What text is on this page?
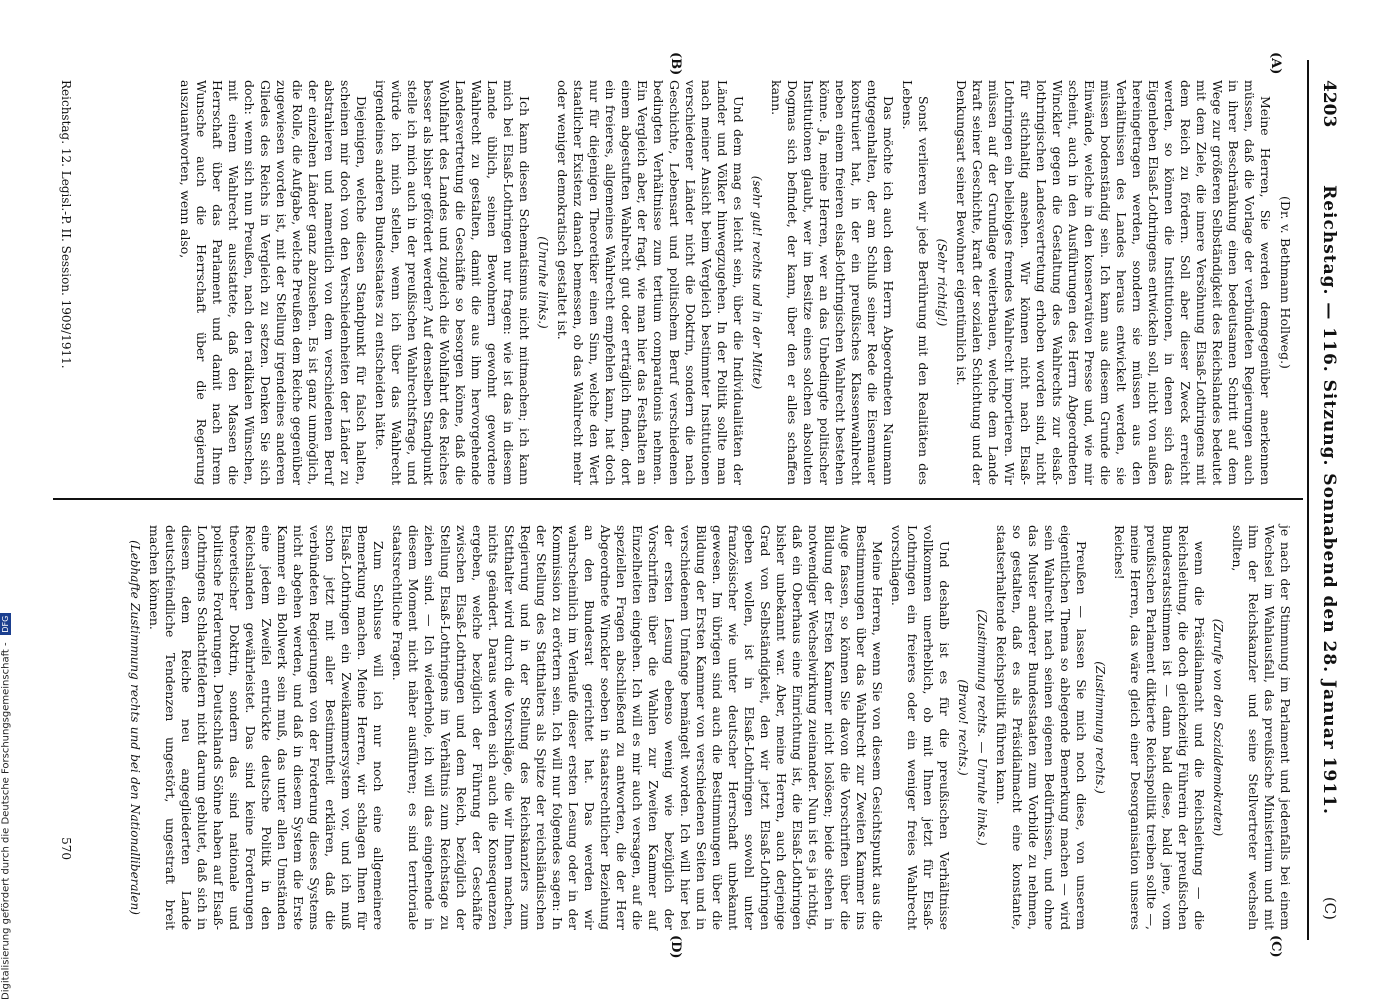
4203
Reichstag. — 116. Sitzung. Sonnabend den 28. Januar 1911.
(C)
(A)
(B)
(C)
(D)
(Dr. v. Bethmann Hollweg.)

Meine Herren, Sie werden demgegenüber anerkennen müssen, daß die Vorlage der verbündeten Regierungen auch in ihrer Beschränkung einen bedeutsamen Schritt auf dem Wege zur größeren Selbständigkeit des Reichslandes bedeutet mit dem Ziele, die innere Versöhnung Elsaß-Lothringens mit dem Reich zu fördern. Soll aber dieser Zweck erreicht werden, so können die Institutionen, in denen sich das Eigenleben Elsaß-Lothringens entwickeln soll, nicht von außen hereingetragen werden, sondern sie müssen aus den Verhältnissen des Landes heraus entwickelt werden, sie müssen bodenständig sein. Ich kann aus diesem Grunde die Einwände, welche in den konservativen Presse und, wie mir scheint, auch in den Ausführungen des Herrn Abgeordneten Winckler gegen die Gestaltung des Wahlrechts zur elsaß-lothringischen Landesvertretung erhoben worden sind, nicht für stichhaltig ansehen. Wir können nicht nach Elsaß-Lothringen ein beliebiges fremdes Wahlrecht importieren. Wir müssen auf der Grundlage weiterbauen, welche dem Lande kraft seiner Geschichte, kraft der sozialen Schichtung und der Denkungsart seiner Bewohner eigentümlich ist.

(Sehr richtig!)

Sonst verlieren wir jede Berührung mit den Realitäten des Lebens.

Das möchte ich auch dem Herrn Abgeordneten Naumann entgegenhalten, der am Schluß seiner Rede die Eisenmauer konstruiert hat, in der ein preußisches Klassenwahlrecht neben einem freieren elsaß-lothringischen Wahlrecht bestehen könne. Ja, meine Herren, wer an das Unbedingte politischer Institutionen glaubt, wer im Besitze eines solchen absoluten Dogmas sich befindet, der kann, über den er alles schaffen kann.

(sehr gut! rechts und in der Mitte)

Und dem mag es leicht sein, über die Individualitäten der Länder und Völker hinwegzugehen. In der Politik sollte man nach meiner Ansicht beim Vergleich bestimmter Institutionen verschiedener Länder nicht die Doktrin, sondern die nach Geschichte, Lebensart und politischem Beruf verschiedenen bedingten Verhältnisse zum tertium comparationis nehmen. Ein Vergleich aber, der fragt, wie man hier das Festhalten an einem abgestuften Wahlrecht gut oder erträglich finden, dort ein freieres, allgemeines Wahlrecht empfehlen kann, hat doch nur für diejenigen Theoretiker einen Sinn, welche den Wert staatlicher Existenz danach bemessen, ob das Wahlrecht mehr oder weniger demokratisch gestaltet ist.

(Unruhe links.)

Ich kann diesen Schematismus nicht mitmachen; ich kann mich bei Elsaß-Lothringen nur fragen: wie ist das in diesem Lande üblich, seinen Bewohnern gewohnt gewordene Wahlrecht zu gestalten, damit die aus ihm hervorgehende Landesvertretung die Geschäfte so besorgen könne, daß die Wohlfahrt des Landes und zugleich die Wohlfahrt des Reiches besser als bisher gefördert werden? Auf denselben Standpunkt stelle ich mich auch in der preußischen Wahlrechtsfrage, und würde ich mich stellen, wenn ich über das Wahlrecht irgendeines anderen Bundesstaates zu entscheiden hätte.

Diejenigen, welche diesen Standpunkt für falsch halten, scheinen mir doch von den Verschiedenheiten der Länder zu abstrahieren und namentlich von dem verschiedenen Beruf der einzelnen Länder ganz abzusehen. Es ist ganz unmöglich, die Rolle, die Aufgabe, welche Preußen dem Reiche gegenüber zugewiesen worden ist, mit der Stellung irgendeines anderen Gliedes des Reichs in Vergleich zu setzen. Denken Sie sich doch: wenn sich nun Preußen, nach den radikalen Wünschen, mit einem Wahlrecht ausstattete, daß den Massen die Herrschaft über das Parlament und damit nach Ihrem Wunsche auch die Herrschaft über die Regierung auszuantworten, wenn also,

je nach der Stimmung im Parlament und jedenfalls bei einem Wechsel im Wahlausfall, das preußische Ministerium und mit ihm der Reichskanzler und seine Stellvertreter wechseln sollten,

(Zurufe von den Sozialdemokraten)

wenn die Präsidialmacht und die Reichsleitung — die Reichsleitung, die doch gleichzeitig Führerin der preußischen Bundesratsstimmen ist — dann bald diese, bald jene, vom preußischen Parlament diktierte Reichspolitik treiben sollte —, meine Herren, das wäre gleich einer Desorganisation unseres Reiches!

(Zustimmung rechts.)

Preußen — lassen Sie mich noch diese, von unserem eigentlichen Thema so ablegende Bemerkung machen — wird sein Wahlrecht nach seinen eigenen Bedürfnissen, und ohne das Muster anderer Bundesstaaten zum Vorbilde zu nehmen, so gestalten, daß es als Präsidialmacht eine konstante, staatserhaltende Reichspolitik führen kann.

(Zustimmung rechts. — Unruhe links.)

(Bravo! rechts.)

Und deshalb ist es für die preußischen Verhältnisse vollkommen unerheblich, ob mit Ihnen jetzt für Elsaß-Lothringen ein freieres oder ein weniger freies Wahlrecht vorschlagen.

Meine Herren, wenn Sie von diesem Gesichtspunkt aus die Bestimmungen über das Wahlrecht zur Zweiten Kammer ins Auge fassen, so können Sie davon die Vorschriften über die Bildung der Ersten Kammer nicht loslösen; beide stehen in notwendiger Wechselwirkung zueinander. Nun ist es ja richtig, daß ein Oberhaus eine Einrichtung ist, die Elsaß-Lothringen bisher unbekannt war. Aber, meine Herren, auch derjenige Grad von Selbständigkeit, den wir jetzt Elsaß-Lothringen geben wollen, ist in Elsaß-Lothringen sowohl unter französischer wie unter deutscher Herrschaft unbekannt gewesen. Im übrigen sind auch die Bestimmungen über die Bildung der Ersten Kammer von verschiedenen Seiten und in verschiedenem Umfange bemängelt worden. Ich will hier bei der ersten Lesung ebenso wenig wie bezüglich der Vorschriften über die Wahlen zur Zweiten Kammer auf Einzelheiten eingehen. Ich will es mir auch versagen, auf die speziellen Fragen abschließend zu antworten, die der Herr Abgeordnete Winckler soeben in staatsrechtlicher Beziehung an den Bundesrat gerichtet hat. Das werden wir wahrscheinlich im Verlaufe dieser ersten Lesung oder in der Kommission zu erörtern sein. Ich will nur folgendes sagen: In der Stellung des Statthalters als Spitze der reichsländischen Regierung und in der Stellung des Reichskanzlers zum Statthalter wird durch die Vorschläge, die wir Ihnen machen, nichts geändert. Daraus werden sich auch die Konsequenzen ergeben, welche bezüglich der Führung der Geschäfte zwischen Elsaß-Lothringen und dem Reich, bezüglich der Stellung Elsaß-Lothringens im Verhältnis zum Reichstage zu ziehen sind. — Ich wiederhole, ich will das eingehende in diesem Moment nicht näher ausführen; es sind territoriale staatsrechtliche Fragen.

Zum Schlusse will ich nur noch eine allgemeinere Bemerkung machen. Meine Herren, wir schlagen Ihnen für Elsaß-Lothringen ein Zweikammersystem vor, und ich muß schon jetzt mit aller Bestimmtheit erklären, daß die verbündeten Regierungen von der Forderung dieses Systems nicht abgehen werden, und daß in diesem System die Erste Kammer ein Bollwerk sein muß, das unter allen Umständen eine jedem Zweifel entrückte deutsche Politik in den Reichslanden gewährleistet. Das sind keine Forderungen theoretischer Doktrin, sondern das sind nationale und politische Forderungen. Deutschlands Söhne haben auf Elsaß-Lothringens Schlachtfeldern nicht darum geblutet, daß sich in diesem dem Reiche neu angegliederten Lande deutschfeindliche Tendenzen ungestört, ungestraft breit machen können.

(Lebhafte Zustimmung rechts und bei den Nationalliberalen)

Reichstag. 12. Legisl.-P. II. Session. 1909/1911.
570
Digitalisierung gefördert durch die Deutsche Forschungsgemeinschaft - DFG
